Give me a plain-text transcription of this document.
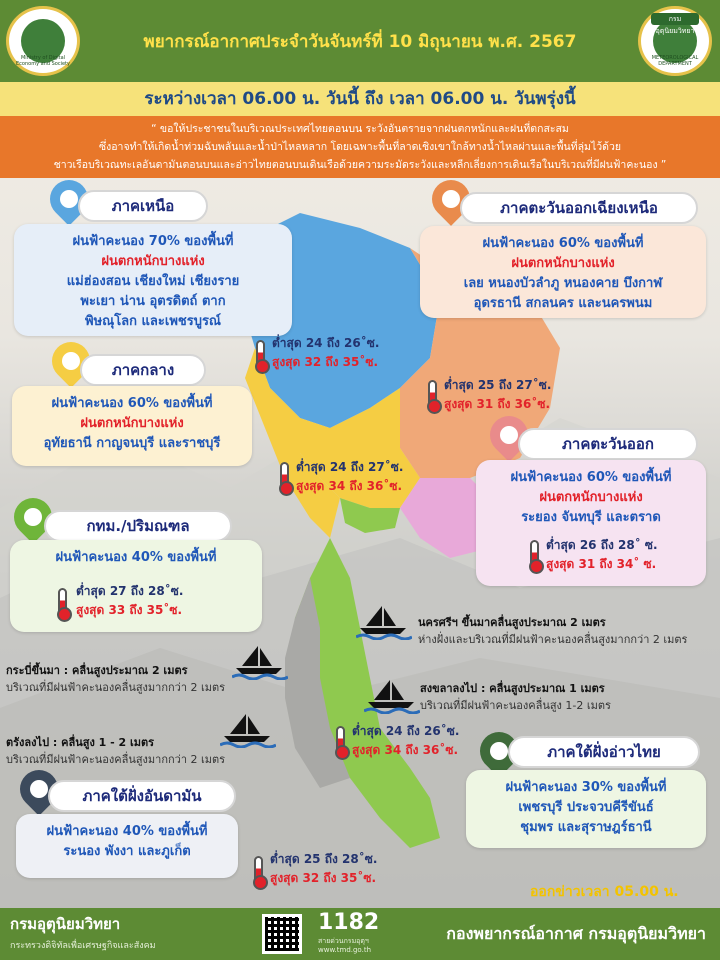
Ministry of Digital Economy and Society
พยากรณ์อากาศประจำวันจันทร์ที่ 10 มิถุนายน พ.ศ. 2567
กรมอุตุนิยมวิทยา
METEOROLOGICAL DEPARTMENT
ระหว่างเวลา 06.00 น. วันนี้ ถึง เวลา 06.00 น. วันพรุ่งนี้
“ ขอให้ประชาชนในบริเวณประเทศไทยตอนบน ระวังอันตรายจากฝนตกหนักและฝนที่ตกสะสม
ซึ่งอาจทำให้เกิดน้ำท่วมฉับพลันและน้ำป่าไหลหลาก โดยเฉพาะพื้นที่ลาดเชิงเขาใกล้ทางน้ำไหลผ่านและพื้นที่ลุ่มไว้ด้วย
ชาวเรือบริเวณทะเลอันดามันตอนบนและอ่าวไทยตอนบนเดินเรือด้วยความระมัดระวังและหลีกเลี่ยงการเดินเรือในบริเวณที่มีฝนฟ้าคะนอง ”
ภาคเหนือ
ฝนฟ้าคะนอง 70% ของพื้นที่
ฝนตกหนักบางแห่ง
แม่ฮ่องสอน เชียงใหม่ เชียงราย
พะเยา น่าน อุตรดิตถ์ ตาก
พิษณุโลก และเพชรบูรณ์
ต่ำสุด 24 ถึง 26˚ซ.
สูงสุด 32 ถึง 35˚ซ.
ภาคตะวันออกเฉียงเหนือ
ฝนฟ้าคะนอง 60% ของพื้นที่
ฝนตกหนักบางแห่ง
เลย หนองบัวลำภู หนองคาย บึงกาฬ
อุดรธานี สกลนคร และนครพนม
ต่ำสุด 25 ถึง 27˚ซ.
สูงสุด 31 ถึง 36˚ซ.
ภาคกลาง
ฝนฟ้าคะนอง 60% ของพื้นที่
ฝนตกหนักบางแห่ง
อุทัยธานี กาญจนบุรี และราชบุรี
ต่ำสุด 24 ถึง 27˚ซ.
สูงสุด 34 ถึง 36˚ซ.
ภาคตะวันออก
ฝนฟ้าคะนอง 60% ของพื้นที่
ฝนตกหนักบางแห่ง
ระยอง จันทบุรี และตราด
ต่ำสุด 26 ถึง 28˚ ซ.
สูงสุด 31 ถึง 34˚ ซ.
กทม./ปริมณฑล
ฝนฟ้าคะนอง 40% ของพื้นที่
ต่ำสุด 27 ถึง 28˚ซ.
สูงสุด 33 ถึง 35˚ซ.
นครศรีฯ ขึ้นมาคลื่นสูงประมาณ 2 เมตร
ห่างฝั่งและบริเวณที่มีฝนฟ้าคะนองคลื่นสูงมากกว่า 2 เมตร
กระบี่ขึ้นมา : คลื่นสูงประมาณ 2 เมตร
บริเวณที่มีฝนฟ้าคะนองคลื่นสูงมากกว่า 2 เมตร	สงขลาลงไป : คลื่นสูงประมาณ 1 เมตร
บริเวณที่มีฝนฟ้าคะนองคลื่นสูง 1-2 เมตร
ตรังลงไป : คลื่นสูง 1 - 2 เมตร
บริเวณที่มีฝนฟ้าคะนองคลื่นสูงมากกว่า 2 เมตร
ต่ำสุด 24 ถึง 26˚ซ.
สูงสุด 34 ถึง 36˚ซ.	ภาคใต้ฝั่งอ่าวไทย
ฝนฟ้าคะนอง 30% ของพื้นที่
เพชรบุรี ประจวบคีรีขันธ์
ชุมพร และสุราษฎร์ธานี
ภาคใต้ฝั่งอันดามัน
ฝนฟ้าคะนอง 40% ของพื้นที่
ระนอง พังงา และภูเก็ต	ต่ำสุด 25 ถึง 28˚ซ.
สูงสุด 32 ถึง 35˚ซ.
ออกข่าวเวลา 05.00 น.
กรมอุตุนิยมวิทยา
กระทรวงดิจิทัลเพื่อเศรษฐกิจและสังคม
1182
สายด่วนกรมอุตุฯ
www.tmd.go.th
กองพยากรณ์อากาศ กรมอุตุนิยมวิทยา
